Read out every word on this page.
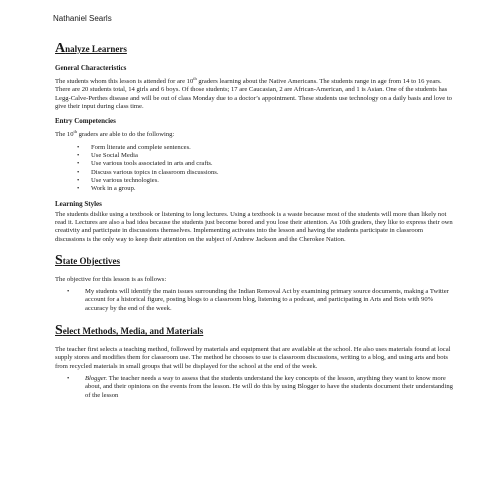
Nathaniel Searls
Analyze Learners
General Characteristics

The students whom this lesson is attended for are 10th graders learning about the Native Americans. The students range in age from 14 to 16 years. There are 20 students total, 14 girls and 6 boys. Of those students; 17 are Caucasian, 2 are African-American, and 1 is Asian. One of the students has Legg-Calve-Perthes disease and will be out of class Monday due to a doctor’s appointment. These students use technology on a daily basis and love to give their input during class time.

Entry Competencies

The 10th graders are able to do the following:

• Form literate and complete sentences.
• Use Social Media
• Use various tools associated in arts and crafts.
• Discuss various topics in classroom discussions.
• Use various technologies.
• Work in a group.
Learning Styles

The students dislike using a textbook or listening to long lectures. Using a textbook is a waste because most of the students will more than likely not read it. Lectures are also a bad idea because the students just become bored and you lose their attention. As 10th graders, they like to express their own creativity and participate in discussions themselves. Implementing activates into the lesson and having the students participate in classroom discussions is the only way to keep their attention on the subject of Andrew Jackson and the Cherokee Nation.

State Objectives

The objective for this lesson is as follows:

• My students will identify the main issues surrounding the Indian Removal Act by examining primary source documents, making a Twitter account for a historical figure, posting blogs to a classroom blog, listening to a podcast, and participating in Arts and Bots with 90% accuracy by the end of the week.
Select Methods, Media, and Materials

The teacher first selects a teaching method, followed by materials and equipment that are available at the school. He also uses materials found at local supply stores and modifies them for classroom use. The method he chooses to use is classroom discussions, writing to a blog, and using arts and bots from recycled materials in small groups that will be displayed for the school at the end of the week.

• Blogger. The teacher needs a way to assess that the students understand the key concepts of the lesson, anything they want to know more about, and their opinions on the events from the lesson. He will do this by using Blogger to have the students document their understanding of the lesson
